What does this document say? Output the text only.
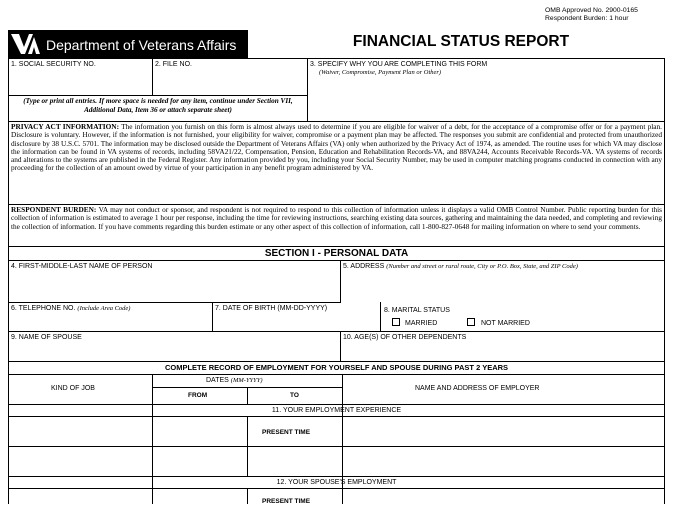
OMB Approved No. 2900-0165
Respondent Burden: 1 hour
Department of Veterans Affairs	FINANCIAL STATUS REPORT
1. SOCIAL SECURITY NO.	2. FILE NO.	3. SPECIFY WHY YOU ARE COMPLETING THIS FORM
(Waiver, Compromise, Payment Plan or Other)
(Type or print all entries. If more space is needed for any item, continue under Section VII, Additional Data, Item 36 or attach separate sheet)
PRIVACY ACT INFORMATION: The information you furnish on this form is almost always used to determine if you are eligible for waiver of a debt, for the acceptance of a compromise offer or for a payment plan. Disclosure is voluntary. However, if the information is not furnished, your eligibility for waiver, compromise or a payment plan may be affected. The responses you submit are confidential and protected from unauthorized disclosure by 38 U.S.C. 5701. The information may be disclosed outside the Department of Veterans Affairs (VA) only when authorized by the Privacy Act of 1974, as amended. The routine uses for which VA may disclose the information can be found in VA systems of records, including 58VA21/22, Compensation, Pension, Education and Rehabilitation Records-VA, and 88VA244, Accounts Receivable Records-VA. VA systems of records and alterations to the systems are published in the Federal Register. Any information provided by you, including your Social Security Number, may be used in computer matching programs conducted in connection with any proceeding for the collection of an amount owed by virtue of your participation in any benefit program administered by VA.
RESPONDENT BURDEN: VA may not conduct or sponsor, and respondent is not required to respond to this collection of information unless it displays a valid OMB Control Number. Public reporting burden for this collection of information is estimated to average 1 hour per response, including the time for reviewing instructions, searching existing data sources, gathering and maintaining the data needed, and completing and reviewing the collection of information. If you have comments regarding this burden estimate or any other aspect of this collection of information, call 1-800-827-0648 for mailing information on where to send your comments.
SECTION I - PERSONAL DATA
4. FIRST-MIDDLE-LAST NAME OF PERSON	5. ADDRESS (Number and street or rural route, City or P.O. Box, State, and ZIP Code)
6. TELEPHONE NO. (Include Area Code)	7. DATE OF BIRTH (MM-DD-YYYY)	8. MARITAL STATUS
MARRIED	NOT MARRIED
9. NAME OF SPOUSE	10. AGE(S) OF OTHER DEPENDENTS
COMPLETE RECORD OF EMPLOYMENT FOR YOURSELF AND SPOUSE DURING PAST 2 YEARS
KIND OF JOB
DATES (MM-YYYY)
FROM	TO
NAME AND ADDRESS OF EMPLOYER
11. YOUR EMPLOYMENT EXPERIENCE
PRESENT TIME
12. YOUR SPOUSE'S EMPLOYMENT
PRESENT TIME
